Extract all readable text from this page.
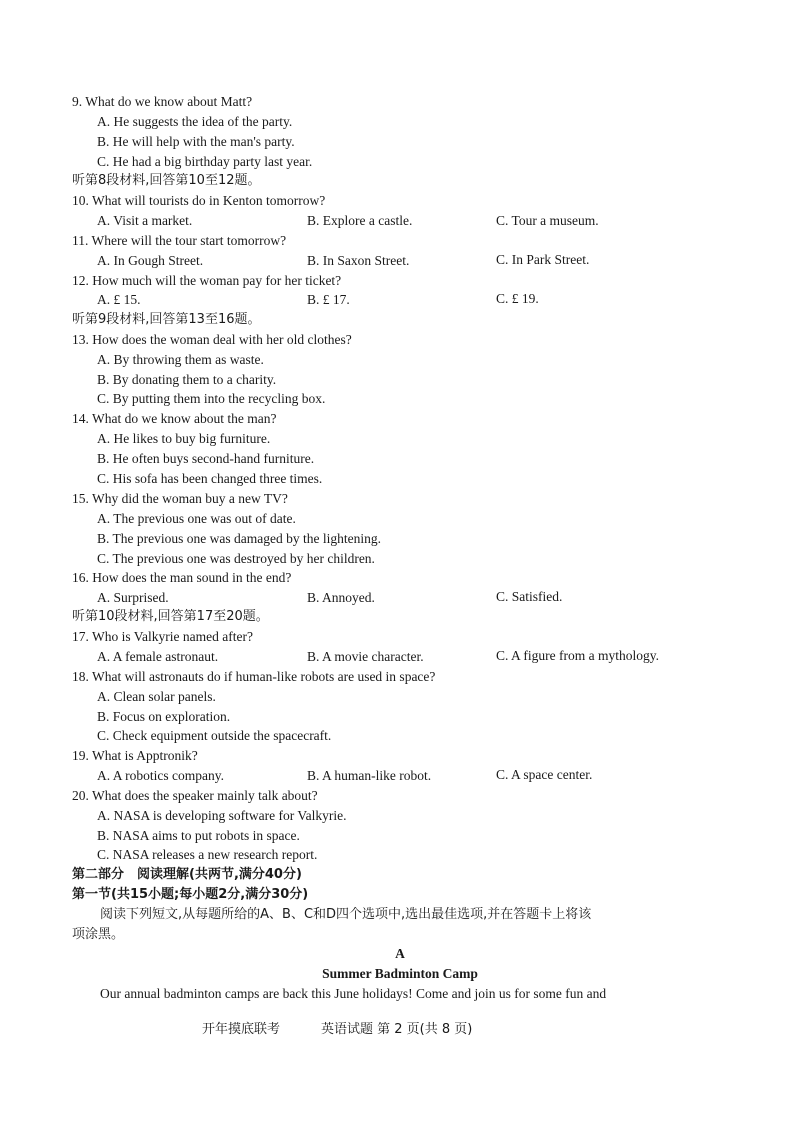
9. What do we know about Matt?
A. He suggests the idea of the party.
B. He will help with the man's party.
C. He had a big birthday party last year.
听第8段材料,回答第10至12题。
10. What will tourists do in Kenton tomorrow?
A. Visit a market.	B. Explore a castle.	C. Tour a museum.
11. Where will the tour start tomorrow?
A. In Gough Street.	B. In Saxon Street.	C. In Park Street.
12. How much will the woman pay for her ticket?
A. £ 15.	B. £ 17.	C. £ 19.
听第9段材料,回答第13至16题。
13. How does the woman deal with her old clothes?
A. By throwing them as waste.
B. By donating them to a charity.
C. By putting them into the recycling box.
14. What do we know about the man?
A. He likes to buy big furniture.
B. He often buys second-hand furniture.
C. His sofa has been changed three times.
15. Why did the woman buy a new TV?
A. The previous one was out of date.
B. The previous one was damaged by the lightening.
C. The previous one was destroyed by her children.
16. How does the man sound in the end?
A. Surprised.	B. Annoyed.	C. Satisfied.
听第10段材料,回答第17至20题。
17. Who is Valkyrie named after?
A. A female astronaut.	B. A movie character.	C. A figure from a mythology.
18. What will astronauts do if human-like robots are used in space?
A. Clean solar panels.
B. Focus on exploration.
C. Check equipment outside the spacecraft.
19. What is Apptronik?
A. A robotics company.	B. A human-like robot.	C. A space center.
20. What does the speaker mainly talk about?
A. NASA is developing software for Valkyrie.
B. NASA aims to put robots in space.
C. NASA releases a new research report.
第二部分　阅读理解(共两节,满分40分)
第一节(共15小题;每小题2分,满分30分)
阅读下列短文,从每题所给的A、B、C和D四个选项中,选出最佳选项,并在答题卡上将该
项涂黑。
A
Summer Badminton Camp
Our annual badminton camps are back this June holidays! Come and join us for some fun and
开年摸底联考	英语试题 第 2 页(共 8 页)
